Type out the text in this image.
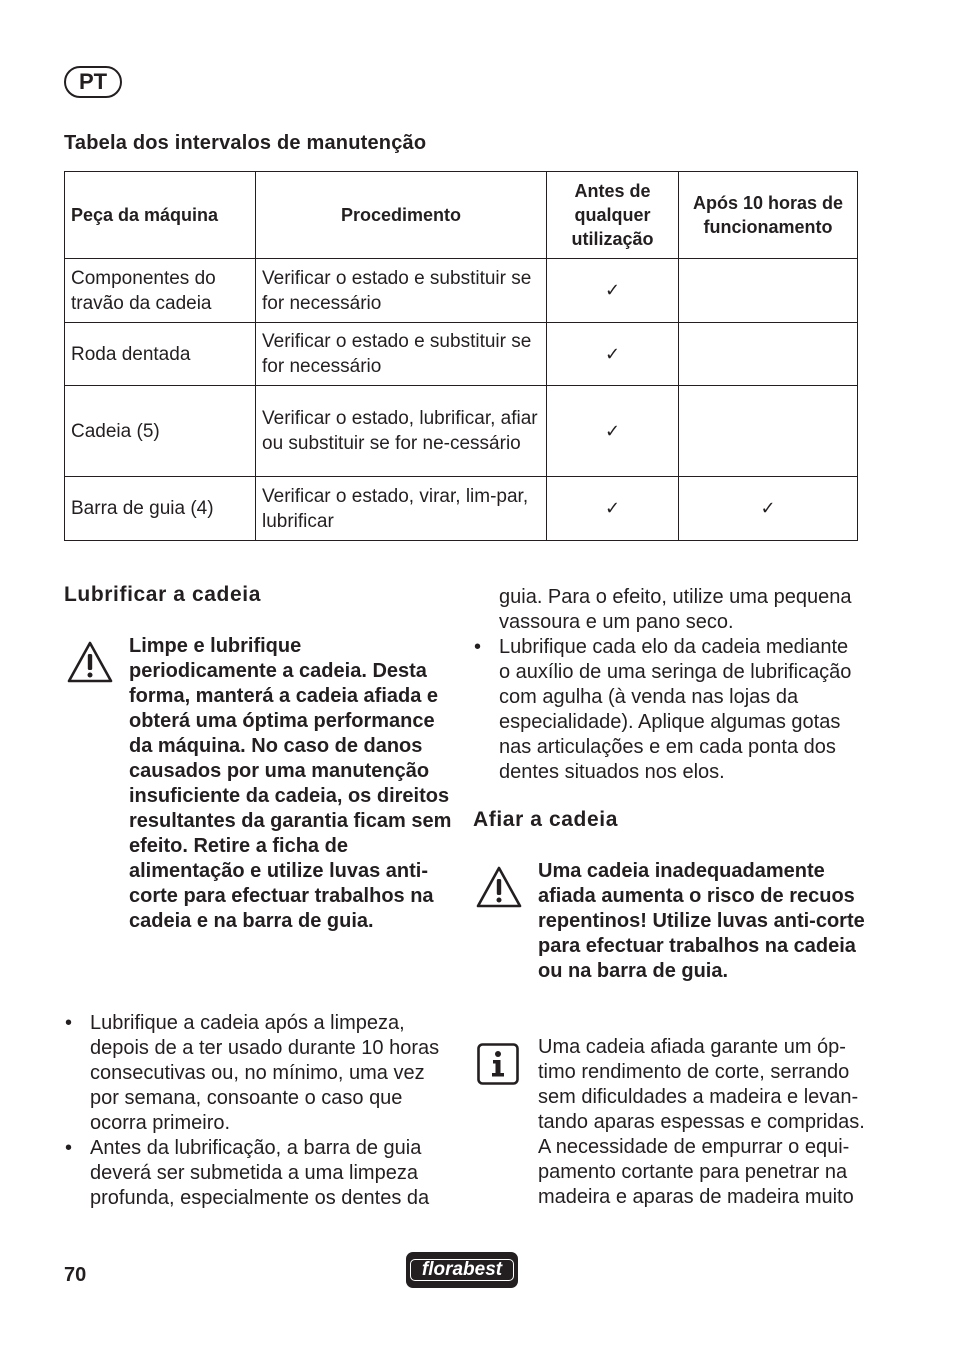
PT
Tabela dos intervalos de manutenção
Peça da máquina	Procedimento	Antes de qualquer utilização	Após 10 horas de funcionamento
Componentes do travão da cadeia	Verificar o estado e substituir se for necessário	✓	
Roda dentada	Verificar o estado e substituir se for necessário	✓	
Cadeia (5)	Verificar o estado, lubrificar, afiar ou substituir se for ne-cessário	✓	
Barra de guia (4)	Verificar o estado, virar, lim-par, lubrificar	✓	✓
Lubrificar a cadeia
Limpe e lubrifique periodicamente a cadeia. Desta forma, manterá a cadeia afiada e obterá uma óptima performance da máquina. No caso de danos causados por uma manutenção insuficiente da cadeia, os direitos resultantes da garantia ficam sem efeito. Retire a ficha de alimentação e utilize luvas anti-corte para efectuar trabalhos na cadeia e na barra de guia.
• Lubrifique a cadeia após a limpeza, depois de a ter usado durante 10 horas consecutivas ou, no mínimo, uma vez por semana, consoante o caso que ocorra primeiro.
• Antes da lubrificação, a barra de guia deverá ser submetida a uma limpeza profunda, especialmente os dentes da
guia. Para o efeito, utilize uma pequena vassoura e um pano seco.
• Lubrifique cada elo da cadeia mediante o auxílio de uma seringa de lubrificação com agulha (à venda nas lojas da especialidade). Aplique algumas gotas nas articulações e em cada ponta dos dentes situados nos elos.
Afiar a cadeia
Uma cadeia inadequadamente afiada aumenta o risco de recuos repentinos! Utilize luvas anti-corte para efectuar trabalhos na cadeia ou na barra de guia.
Uma cadeia afiada garante um óp-timo rendimento de corte, serrando sem dificuldades a madeira e levan-tando aparas espessas e compridas. A necessidade de empurrar o equi-pamento cortante para penetrar na madeira e aparas de madeira muito
70	florabest
